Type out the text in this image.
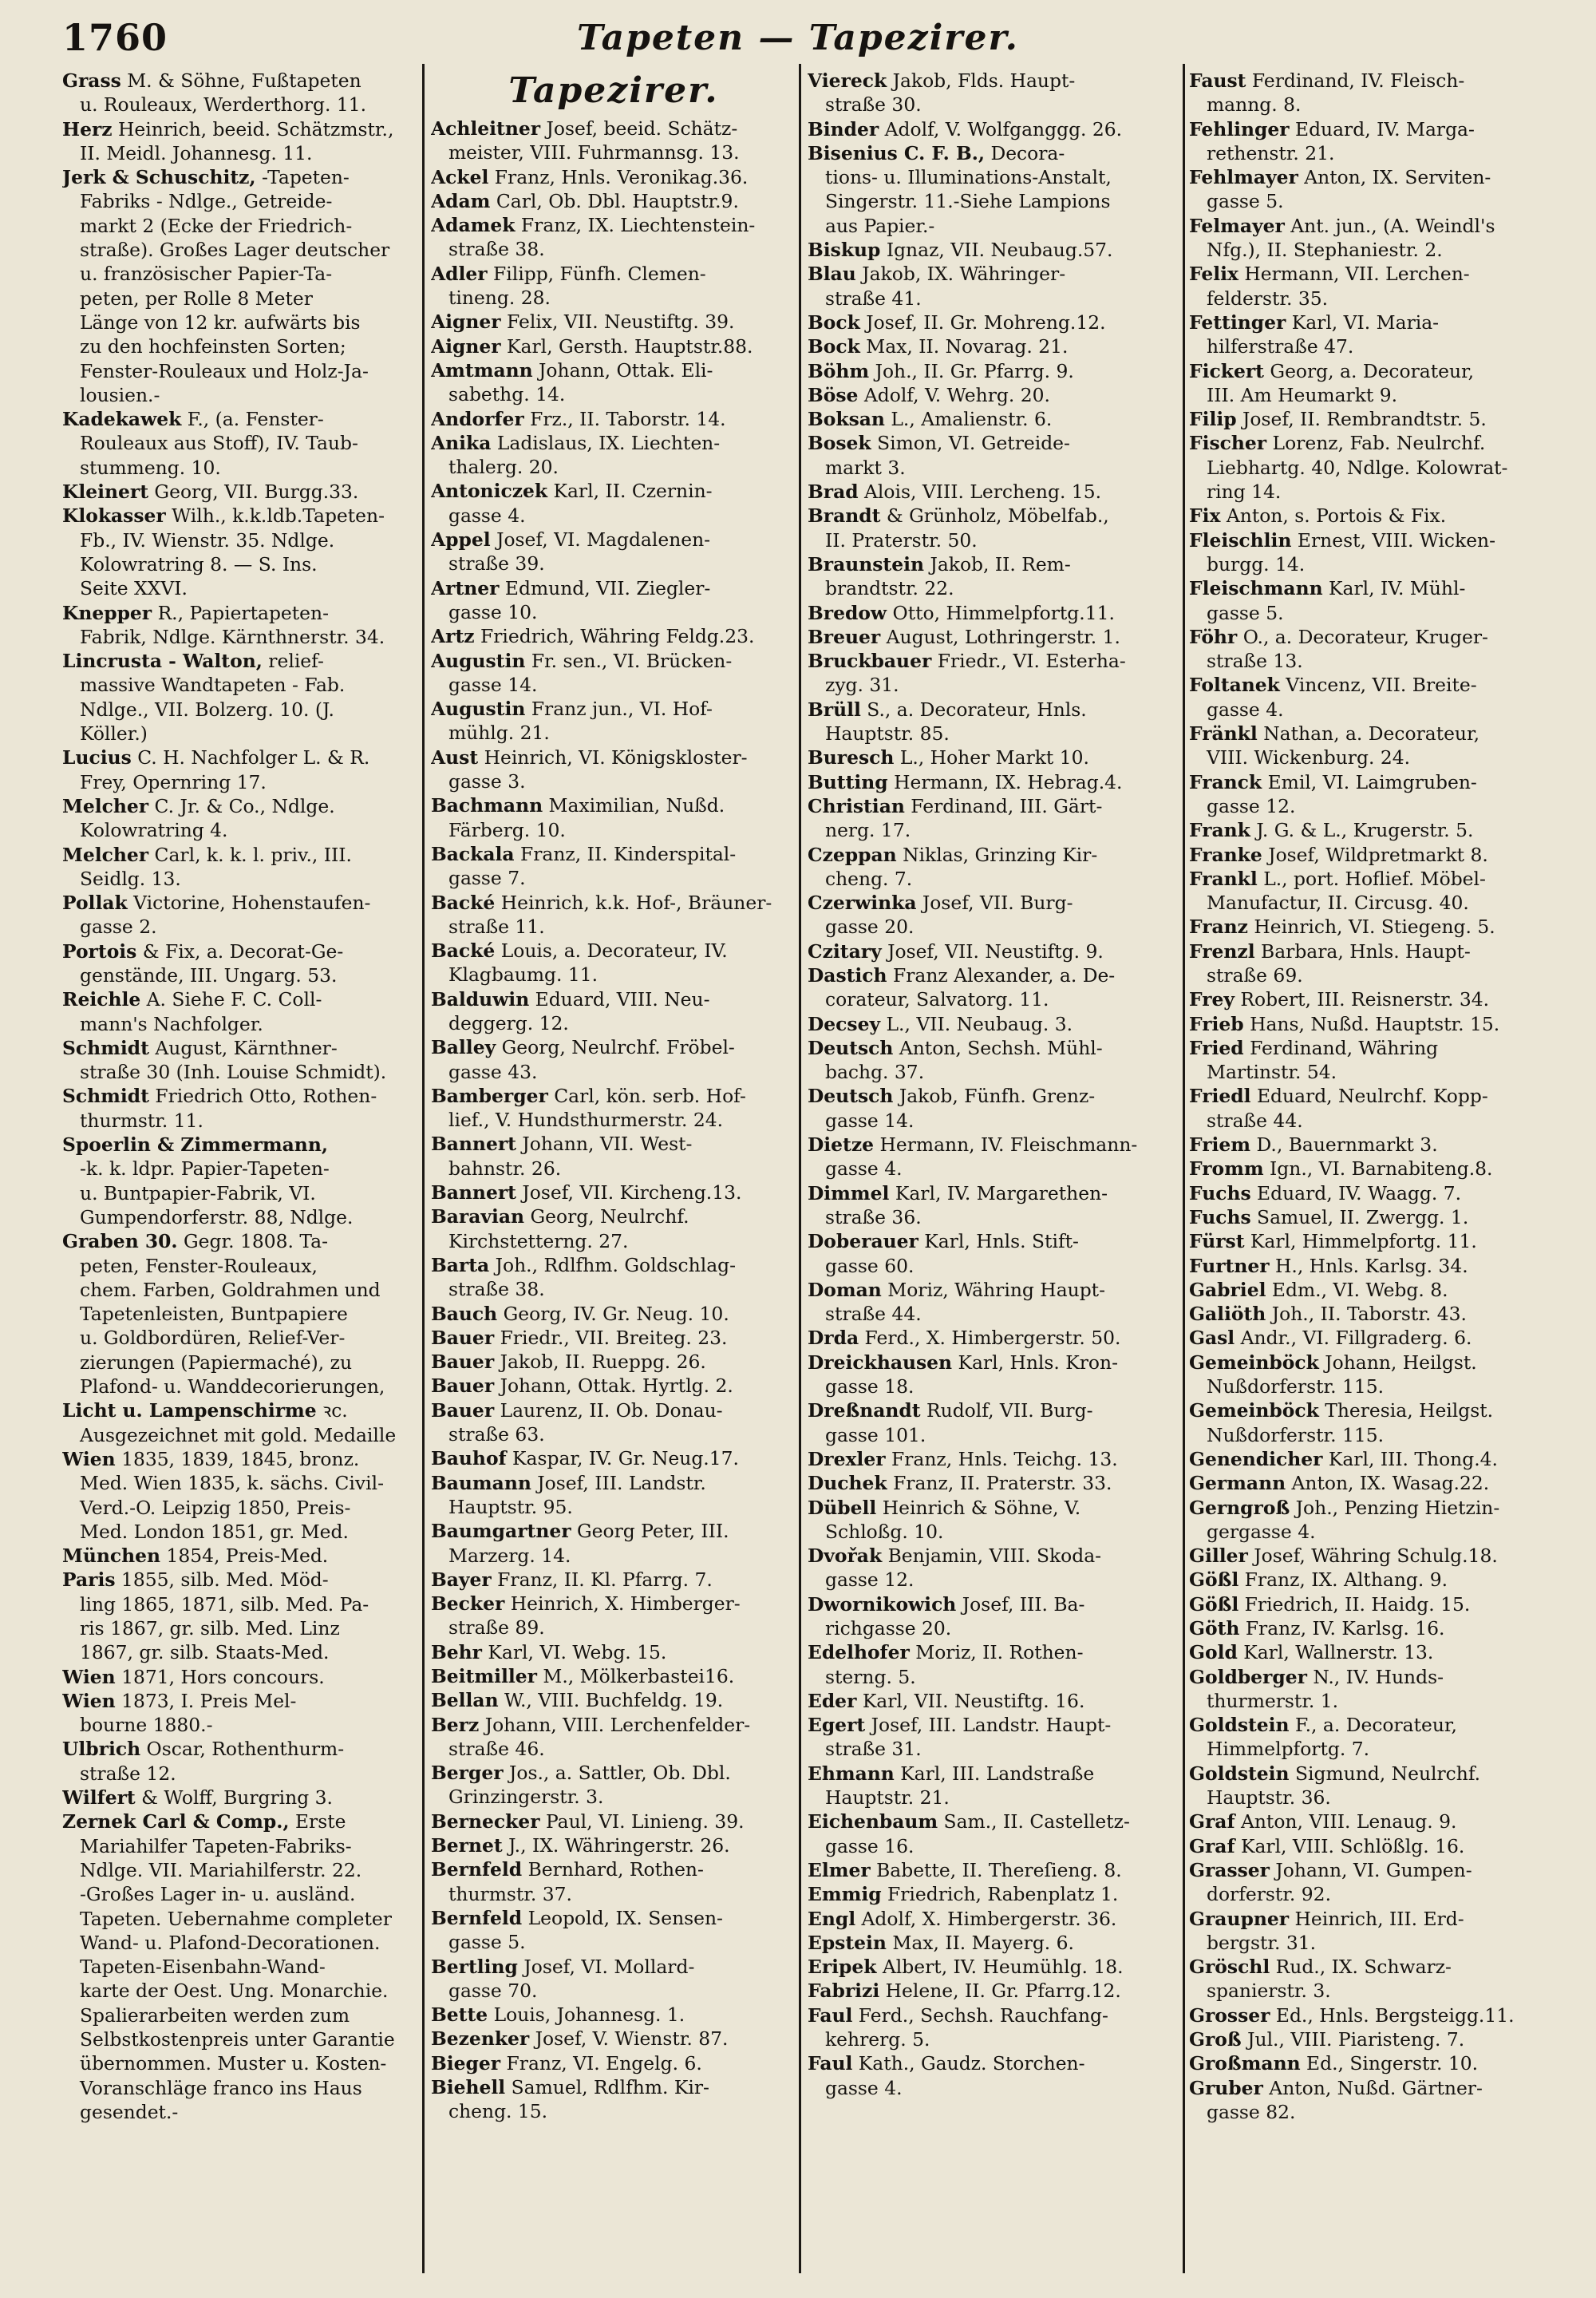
1760	Tapeten — Tapezirer.
Grass M. & Söhne, Fußtapeten
u. Rouleaux, Werderthorg. 11.
Herz Heinrich, beeid. Schätzmstr.,
II. Meidl. Johannesg. 11.
Jerk & Schuschitz, -Tapeten-
Fabriks - Ndlge., Getreide-
markt 2 (Ecke der Friedrich-
straße). Großes Lager deutscher
u. französischer Papier-Ta-
peten, per Rolle 8 Meter
Länge von 12 kr. aufwärts bis
zu den hochfeinsten Sorten;
Fenster-Rouleaux und Holz-Ja-
lousien.-
Kadekawek F., (a. Fenster-
Rouleaux aus Stoff), IV. Taub-
stummeng. 10.
Kleinert Georg, VII. Burgg.33.
Klokasser Wilh., k.k.ldb.Tapeten-
Fb., IV. Wienstr. 35. Ndlge.
Kolowratring 8. — S. Ins.
Seite XXVI.
Knepper R., Papiertapeten-
Fabrik, Ndlge. Kärnthnerstr. 34.
Lincrusta - Walton, relief-
massive Wandtapeten - Fab.
Ndlge., VII. Bolzerg. 10. (J.
Köller.)
Lucius C. H. Nachfolger L. & R.
Frey, Opernring 17.
Melcher C. Jr. & Co., Ndlge.
Kolowratring 4.
Melcher Carl, k. k. l. priv., III.
Seidlg. 13.
Pollak Victorine, Hohenstaufen-
gasse 2.
Portois & Fix, a. Decorat-Ge-
genstände, III. Ungarg. 53.
Reichle A. Siehe F. C. Coll-
mann's Nachfolger.
Schmidt August, Kärnthner-
straße 30 (Inh. Louise Schmidt).
Schmidt Friedrich Otto, Rothen-
thurmstr. 11.
Spoerlin & Zimmermann,
-k. k. ldpr. Papier-Tapeten-
u. Buntpapier-Fabrik, VI.
Gumpendorferstr. 88, Ndlge.
Graben 30. Gegr. 1808. Ta-
peten, Fenster-Rouleaux,
chem. Farben, Goldrahmen und
Tapetenleisten, Buntpapiere
u. Goldbordüren, Relief-Ver-
zierungen (Papiermaché), zu
Plafond- u. Wanddecorierungen,
Licht u. Lampenschirme ꝛc.
Ausgezeichnet mit gold. Medaille
Wien 1835, 1839, 1845, bronz.
Med. Wien 1835, k. sächs. Civil-
Verd.-O. Leipzig 1850, Preis-
Med. London 1851, gr. Med.
München 1854, Preis-Med.
Paris 1855, silb. Med. Möd-
ling 1865, 1871, silb. Med. Pa-
ris 1867, gr. silb. Med. Linz
1867, gr. silb. Staats-Med.
Wien 1871, Hors concours.
Wien 1873, I. Preis Mel-
bourne 1880.-
Ulbrich Oscar, Rothenthurm-
straße 12.
Wilfert & Wolff, Burgring 3.
Zernek Carl & Comp., Erste
Mariahilfer Tapeten-Fabriks-
Ndlge. VII. Mariahilferstr. 22.
-Großes Lager in- u. ausländ.
Tapeten. Uebernahme completer
Wand- u. Plafond-Decorationen.
Tapeten-Eisenbahn-Wand-
karte der Oest. Ung. Monarchie.
Spalierarbeiten werden zum
Selbstkostenpreis unter Garantie
übernommen. Muster u. Kosten-
Voranschläge franco ins Haus
gesendet.-
Tapezirer.
Achleitner Josef, beeid. Schätz-
meister, VIII. Fuhrmannsg. 13.
Ackel Franz, Hnls. Veronikag.36.
Adam Carl, Ob. Dbl. Hauptstr.9.
Adamek Franz, IX. Liechtenstein-
straße 38.
Adler Filipp, Fünfh. Clemen-
tineng. 28.
Aigner Felix, VII. Neustiftg. 39.
Aigner Karl, Gersth. Hauptstr.88.
Amtmann Johann, Ottak. Eli-
sabethg. 14.
Andorfer Frz., II. Taborstr. 14.
Anika Ladislaus, IX. Liechten-
thalerg. 20.
Antoniczek Karl, II. Czernin-
gasse 4.
Appel Josef, VI. Magdalenen-
straße 39.
Artner Edmund, VII. Ziegler-
gasse 10.
Artz Friedrich, Währing Feldg.23.
Augustin Fr. sen., VI. Brücken-
gasse 14.
Augustin Franz jun., VI. Hof-
mühlg. 21.
Aust Heinrich, VI. Königskloster-
gasse 3.
Bachmann Maximilian, Nußd.
Färberg. 10.
Backala Franz, II. Kinderspital-
gasse 7.
Backé Heinrich, k.k. Hof-, Bräuner-
straße 11.
Backé Louis, a. Decorateur, IV.
Klagbaumg. 11.
Balduwin Eduard, VIII. Neu-
deggerg. 12.
Balley Georg, Neulrchf. Fröbel-
gasse 43.
Bamberger Carl, kön. serb. Hof-
lief., V. Hundsthurmerstr. 24.
Bannert Johann, VII. West-
bahnstr. 26.
Bannert Josef, VII. Kircheng.13.
Baravian Georg, Neulrchf.
Kirchstetterng. 27.
Barta Joh., Rdlfhm. Goldschlag-
straße 38.
Bauch Georg, IV. Gr. Neug. 10.
Bauer Friedr., VII. Breiteg. 23.
Bauer Jakob, II. Rueppg. 26.
Bauer Johann, Ottak. Hyrtlg. 2.
Bauer Laurenz, II. Ob. Donau-
straße 63.
Bauhof Kaspar, IV. Gr. Neug.17.
Baumann Josef, III. Landstr.
Hauptstr. 95.
Baumgartner Georg Peter, III.
Marzerg. 14.
Bayer Franz, II. Kl. Pfarrg. 7.
Becker Heinrich, X. Himberger-
straße 89.
Behr Karl, VI. Webg. 15.
Beitmiller M., Mölkerbastei16.
Bellan W., VIII. Buchfeldg. 19.
Berz Johann, VIII. Lerchenfelder-
straße 46.
Berger Jos., a. Sattler, Ob. Dbl.
Grinzingerstr. 3.
Bernecker Paul, VI. Linieng. 39.
Bernet J., IX. Währingerstr. 26.
Bernfeld Bernhard, Rothen-
thurmstr. 37.
Bernfeld Leopold, IX. Sensen-
gasse 5.
Bertling Josef, VI. Mollard-
gasse 70.
Bette Louis, Johannesg. 1.
Bezenker Josef, V. Wienstr. 87.
Bieger Franz, VI. Engelg. 6.
Biehell Samuel, Rdlfhm. Kir-
cheng. 15.
Viereck Jakob, Flds. Haupt-
straße 30.
Binder Adolf, V. Wolfganggg. 26.
Bisenius C. F. B., Decora-
tions- u. Illuminations-Anstalt,
Singerstr. 11.-Siehe Lampions
aus Papier.-
Biskup Ignaz, VII. Neubaug.57.
Blau Jakob, IX. Währinger-
straße 41.
Bock Josef, II. Gr. Mohreng.12.
Bock Max, II. Novarag. 21.
Böhm Joh., II. Gr. Pfarrg. 9.
Böse Adolf, V. Wehrg. 20.
Boksan L., Amalienstr. 6.
Bosek Simon, VI. Getreide-
markt 3.
Brad Alois, VIII. Lercheng. 15.
Brandt & Grünholz, Möbelfab.,
II. Praterstr. 50.
Braunstein Jakob, II. Rem-
brandtstr. 22.
Bredow Otto, Himmelpfortg.11.
Breuer August, Lothringerstr. 1.
Bruckbauer Friedr., VI. Esterha-
zyg. 31.
Brüll S., a. Decorateur, Hnls.
Hauptstr. 85.
Buresch L., Hoher Markt 10.
Butting Hermann, IX. Hebrag.4.
Christian Ferdinand, III. Gärt-
nerg. 17.
Czeppan Niklas, Grinzing Kir-
cheng. 7.
Czerwinka Josef, VII. Burg-
gasse 20.
Czitary Josef, VII. Neustiftg. 9.
Dastich Franz Alexander, a. De-
corateur, Salvatorg. 11.
Decsey L., VII. Neubaug. 3.
Deutsch Anton, Sechsh. Mühl-
bachg. 37.
Deutsch Jakob, Fünfh. Grenz-
gasse 14.
Dietze Hermann, IV. Fleischmann-
gasse 4.
Dimmel Karl, IV. Margarethen-
straße 36.
Doberauer Karl, Hnls. Stift-
gasse 60.
Doman Moriz, Währing Haupt-
straße 44.
Drda Ferd., X. Himbergerstr. 50.
Dreickhausen Karl, Hnls. Kron-
gasse 18.
Dreßnandt Rudolf, VII. Burg-
gasse 101.
Drexler Franz, Hnls. Teichg. 13.
Duchek Franz, II. Praterstr. 33.
Dübell Heinrich & Söhne, V.
Schloßg. 10.
Dvořak Benjamin, VIII. Skoda-
gasse 12.
Dwornikowich Josef, III. Ba-
richgasse 20.
Edelhofer Moriz, II. Rothen-
sterng. 5.
Eder Karl, VII. Neustiftg. 16.
Egert Josef, III. Landstr. Haupt-
straße 31.
Ehmann Karl, III. Landstraße
Hauptstr. 21.
Eichenbaum Sam., II. Castelletz-
gasse 16.
Elmer Babette, II. Thereſieng. 8.
Emmig Friedrich, Rabenplatz 1.
Engl Adolf, X. Himbergerstr. 36.
Epstein Max, II. Mayerg. 6.
Eripek Albert, IV. Heumühlg. 18.
Fabrizi Helene, II. Gr. Pfarrg.12.
Faul Ferd., Sechsh. Rauchfang-
kehrerg. 5.
Faul Kath., Gaudz. Storchen-
gasse 4.
Faust Ferdinand, IV. Fleisch-
manng. 8.
Fehlinger Eduard, IV. Marga-
rethenstr. 21.
Fehlmayer Anton, IX. Serviten-
gasse 5.
Felmayer Ant. jun., (A. Weindl's
Nfg.), II. Stephaniestr. 2.
Felix Hermann, VII. Lerchen-
felderstr. 35.
Fettinger Karl, VI. Maria-
hilferstraße 47.
Fickert Georg, a. Decorateur,
III. Am Heumarkt 9.
Filip Josef, II. Rembrandtstr. 5.
Fischer Lorenz, Fab. Neulrchf.
Liebhartg. 40, Ndlge. Kolowrat-
ring 14.
Fix Anton, s. Portois & Fix.
Fleischlin Ernest, VIII. Wicken-
burgg. 14.
Fleischmann Karl, IV. Mühl-
gasse 5.
Föhr O., a. Decorateur, Kruger-
straße 13.
Foltanek Vincenz, VII. Breite-
gasse 4.
Fränkl Nathan, a. Decorateur,
VIII. Wickenburg. 24.
Franck Emil, VI. Laimgruben-
gasse 12.
Frank J. G. & L., Krugerstr. 5.
Franke Josef, Wildpretmarkt 8.
Frankl L., port. Hoflief. Möbel-
Manufactur, II. Circusg. 40.
Franz Heinrich, VI. Stiegeng. 5.
Frenzl Barbara, Hnls. Haupt-
straße 69.
Frey Robert, III. Reisnerstr. 34.
Frieb Hans, Nußd. Hauptstr. 15.
Fried Ferdinand, Währing
Martinstr. 54.
Friedl Eduard, Neulrchf. Kopp-
straße 44.
Friem D., Bauernmarkt 3.
Fromm Ign., VI. Barnabiteng.8.
Fuchs Eduard, IV. Waagg. 7.
Fuchs Samuel, II. Zwergg. 1.
Fürst Karl, Himmelpfortg. 11.
Furtner H., Hnls. Karlsg. 34.
Gabriel Edm., VI. Webg. 8.
Galiöth Joh., II. Taborstr. 43.
Gasl Andr., VI. Fillgraderg. 6.
Gemeinböck Johann, Heilgst.
Nußdorferstr. 115.
Gemeinböck Theresia, Heilgst.
Nußdorferstr. 115.
Genendicher Karl, III. Thong.4.
Germann Anton, IX. Wasag.22.
Gerngroß Joh., Penzing Hietzin-
gergasse 4.
Giller Josef, Währing Schulg.18.
Gößl Franz, IX. Althang. 9.
Gößl Friedrich, II. Haidg. 15.
Göth Franz, IV. Karlsg. 16.
Gold Karl, Wallnerstr. 13.
Goldberger N., IV. Hunds-
thurmerstr. 1.
Goldstein F., a. Decorateur,
Himmelpfortg. 7.
Goldstein Sigmund, Neulrchf.
Hauptstr. 36.
Graf Anton, VIII. Lenaug. 9.
Graf Karl, VIII. Schlößlg. 16.
Grasser Johann, VI. Gumpen-
dorferstr. 92.
Graupner Heinrich, III. Erd-
bergstr. 31.
Gröschl Rud., IX. Schwarz-
spanierstr. 3.
Grosser Ed., Hnls. Bergsteigg.11.
Groß Jul., VIII. Piaristeng. 7.
Großmann Ed., Singerstr. 10.
Gruber Anton, Nußd. Gärtner-
gasse 82.
